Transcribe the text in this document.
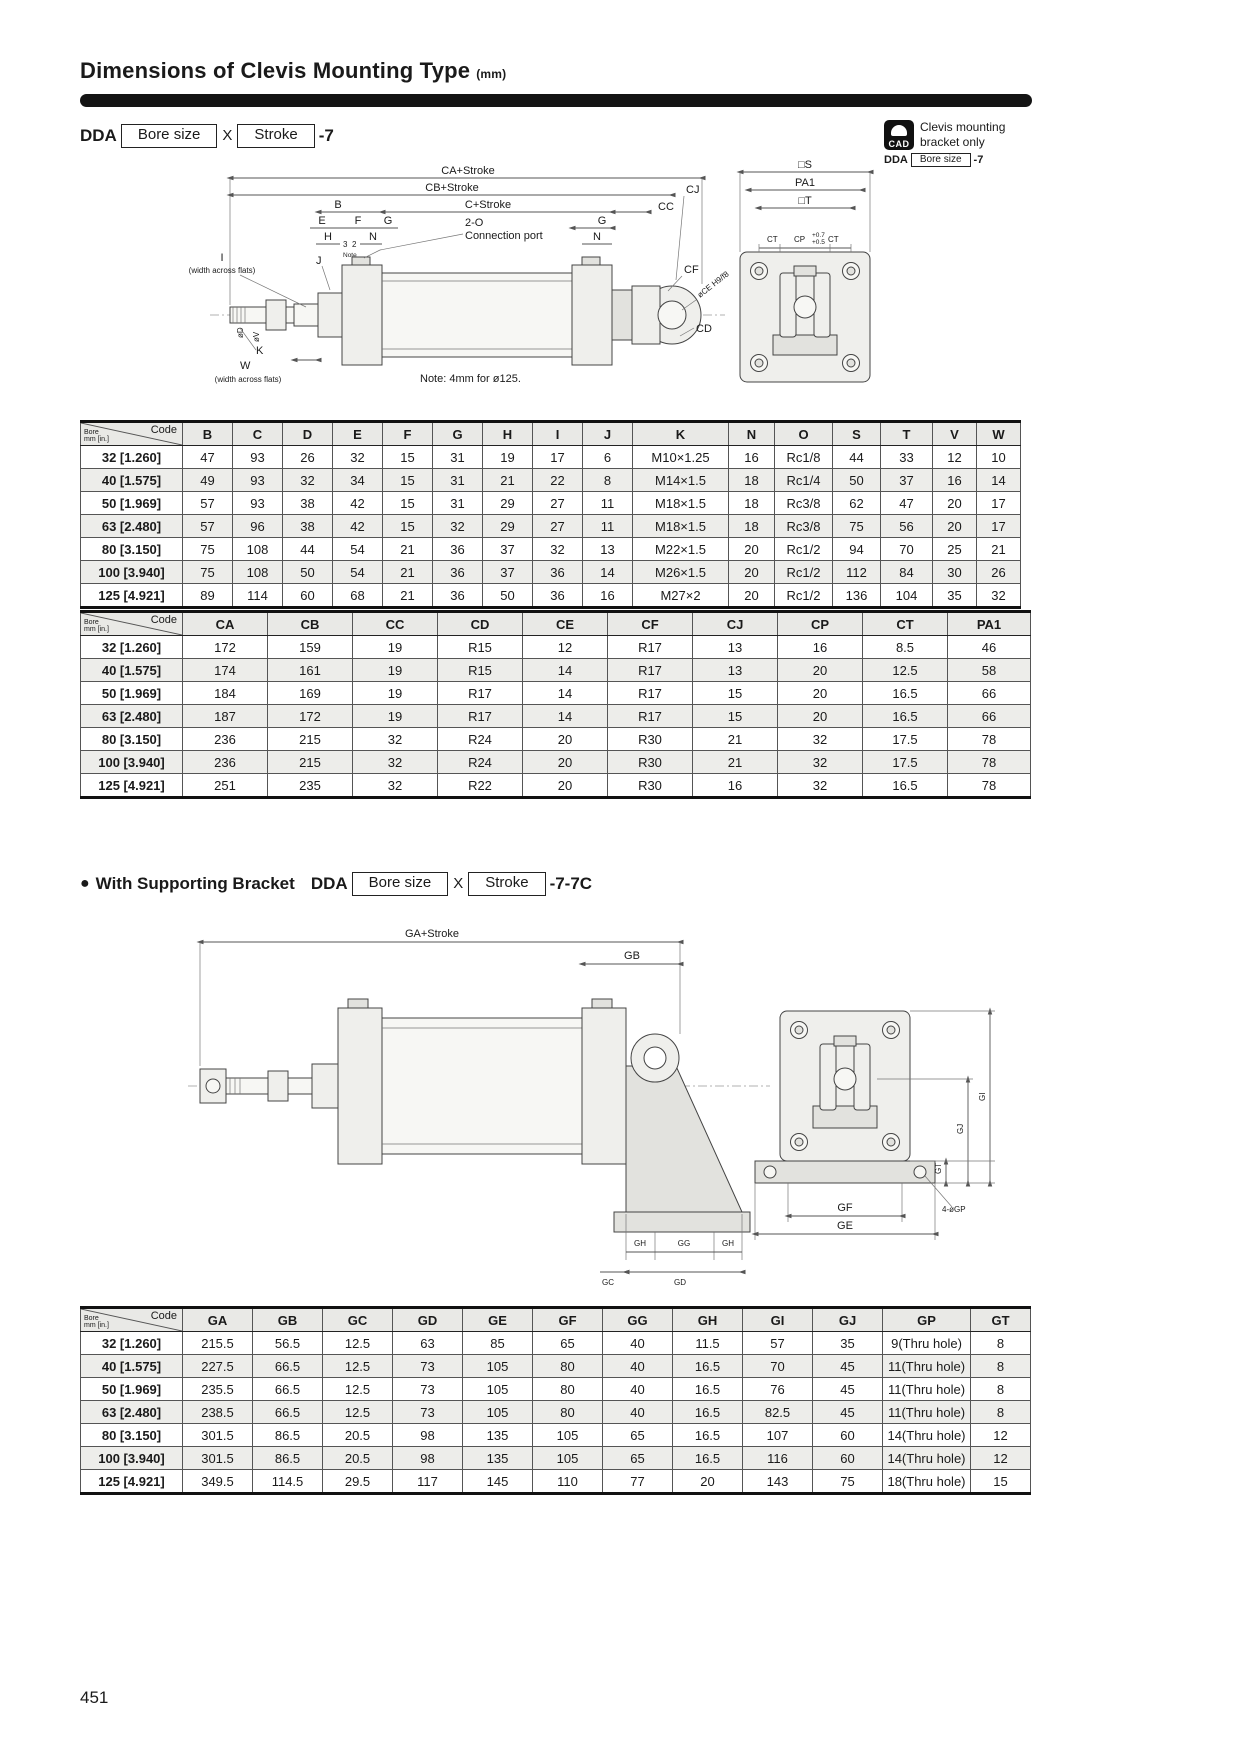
Dimensions of Clevis Mounting Type (mm)
DDA	Bore size	X	Stroke	-7	CAD
Clevis mounting
bracket only
DDA	Bore size	-7
CA+Stroke
CB+Stroke	CJ
B	C+Stroke	CC
E	F G	G
H
3 2
N
Note
N
J
2-O
Connection port
I
(width across flats)
øD øV
K
W
(width across flats)	Note: 4mm for ø125.
CF
øCE H9/f8
CD
□S
PA1
□T
CT CP +0.7
+0.5 CT
Code
Bore
mm [in.]	B	C	D	E	F	G	H	I	J	K	N	O	S	T	V	W
32 [1.260]	47	93	26	32	15	31	19	17	6	M10×1.25	16	Rc1/8	44	33	12	10
40 [1.575]	49	93	32	34	15	31	21	22	8	M14×1.5	18	Rc1/4	50	37	16	14
50 [1.969]	57	93	38	42	15	31	29	27	11	M18×1.5	18	Rc3/8	62	47	20	17
63 [2.480]	57	96	38	42	15	32	29	27	11	M18×1.5	18	Rc3/8	75	56	20	17
80 [3.150]	75	108	44	54	21	36	37	32	13	M22×1.5	20	Rc1/2	94	70	25	21
100 [3.940]	75	108	50	54	21	36	37	36	14	M26×1.5	20	Rc1/2	112	84	30	26
125 [4.921]	89	114	60	68	21	36	50	36	16	M27×2	20	Rc1/2	136	104	35	32
Code
Bore
mm [in.]	CA	CB	CC	CD	CE	CF	CJ	CP	CT	PA1
32 [1.260]	172	159	19	R15	12	R17	13	16	8.5	46
40 [1.575]	174	161	19	R15	14	R17	13	20	12.5	58
50 [1.969]	184	169	19	R17	14	R17	15	20	16.5	66
63 [2.480]	187	172	19	R17	14	R17	15	20	16.5	66
80 [3.150]	236	215	32	R24	20	R30	21	32	17.5	78
100 [3.940]	236	215	32	R24	20	R30	21	32	17.5	78
125 [4.921]	251	235	32	R22	20	R30	16	32	16.5	78
● With Supporting Bracket DDA	Bore size	X	Stroke	-7-7C
GA+Stroke
GB
GH	GG	GH
GC	GD
GF
GE
4-øGP
GT
GJ
GI
Code
Bore
mm [in.]	GA	GB	GC	GD	GE	GF	GG	GH	GI	GJ	GP	GT
32 [1.260]	215.5	56.5	12.5	63	85	65	40	11.5	57	35	9(Thru hole)	8
40 [1.575]	227.5	66.5	12.5	73	105	80	40	16.5	70	45	11(Thru hole)	8
50 [1.969]	235.5	66.5	12.5	73	105	80	40	16.5	76	45	11(Thru hole)	8
63 [2.480]	238.5	66.5	12.5	73	105	80	40	16.5	82.5	45	11(Thru hole)	8
80 [3.150]	301.5	86.5	20.5	98	135	105	65	16.5	107	60	14(Thru hole)	12
100 [3.940]	301.5	86.5	20.5	98	135	105	65	16.5	116	60	14(Thru hole)	12
125 [4.921]	349.5	114.5	29.5	117	145	110	77	20	143	75	18(Thru hole)	15
451
